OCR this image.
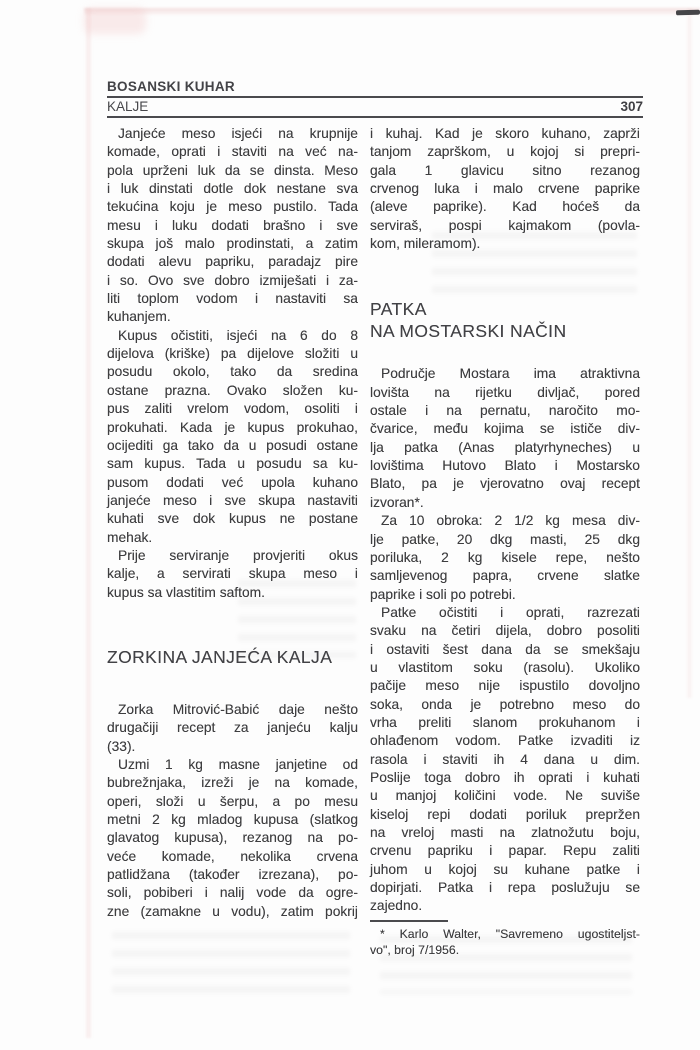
BOSANSKI KUHAR
KALJE	307
Janjeće meso isjeći na krupnije
komade, oprati i staviti na već na-
pola uprženi luk da se dinsta. Meso
i luk dinstati dotle dok nestane sva
tekućina koju je meso pustilo. Tada
mesu i luku dodati brašno i sve
skupa još malo prodinstati, a zatim
dodati alevu papriku, paradajz pire
i so. Ovo sve dobro izmiješati i za-
liti toplom vodom i nastaviti sa
kuhanjem.
Kupus očistiti, isjeći na 6 do 8
dijelova (kriške) pa dijelove složiti u
posudu okolo, tako da sredina
ostane prazna. Ovako složen ku-
pus zaliti vrelom vodom, osoliti i
prokuhati. Kada je kupus prokuhao,
ocijediti ga tako da u posudi ostane
sam kupus. Tada u posudu sa ku-
pusom dodati već upola kuhano
janjeće meso i sve skupa nastaviti
kuhati sve dok kupus ne postane
mehak.
Prije serviranje provjeriti okus
kalje, a servirati skupa meso i
kupus sa vlastitim saftom.
ZORKINA JANJEĆA KALJA
Zorka Mitrović-Babić daje nešto
drugačiji recept za janjeću kalju
(33).
Uzmi 1 kg masne janjetine od
bubrežnjaka, izreži je na komade,
operi, složi u šerpu, a po mesu
metni 2 kg mladog kupusa (slatkog
glavatog kupusa), rezanog na po-
veće komade, nekolika crvena
patlidžana (također izrezana), po-
soli, pobiberi i nalij vode da ogre-
zne (zamakne u vodu), zatim pokrij
i kuhaj. Kad je skoro kuhano, zaprži
tanjom zaprškom, u kojoj si prepri-
gala 1 glavicu sitno rezanog
crvenog luka i malo crvene paprike
(aleve paprike). Kad hoćeš da
serviraš, pospi kajmakom (povla-
kom, mileramom).
PATKA
NA MOSTARSKI NAČIN
Područje Mostara ima atraktivna
lovišta na rijetku divljač, pored
ostale i na pernatu, naročito mo-
čvarice, među kojima se ističe div-
lja patka (Anas platyrhyneches) u
lovištima Hutovo Blato i Mostarsko
Blato, pa je vjerovatno ovaj recept
izvoran*.
Za 10 obroka: 2 1/2 kg mesa div-
lje patke, 20 dkg masti, 25 dkg
poriluka, 2 kg kisele repe, nešto
samljevenog papra, crvene slatke
paprike i soli po potrebi.
Patke očistiti i oprati, razrezati
svaku na četiri dijela, dobro posoliti
i ostaviti šest dana da se smekšaju
u vlastitom soku (rasolu). Ukoliko
pačije meso nije ispustilo dovoljno
soka, onda je potrebno meso do
vrha preliti slanom prokuhanom i
ohlađenom vodom. Patke izvaditi iz
rasola i staviti ih 4 dana u dim.
Poslije toga dobro ih oprati i kuhati
u manjoj količini vode. Ne suviše
kiseloj repi dodati poriluk prepržen
na vreloj masti na zlatnožutu boju,
crvenu papriku i papar. Repu zaliti
juhom u kojoj su kuhane patke i
dopirjati. Patka i repa poslužuju se
zajedno.
* Karlo Walter, "Savremeno ugostiteljst-
vo", broj 7/1956.
